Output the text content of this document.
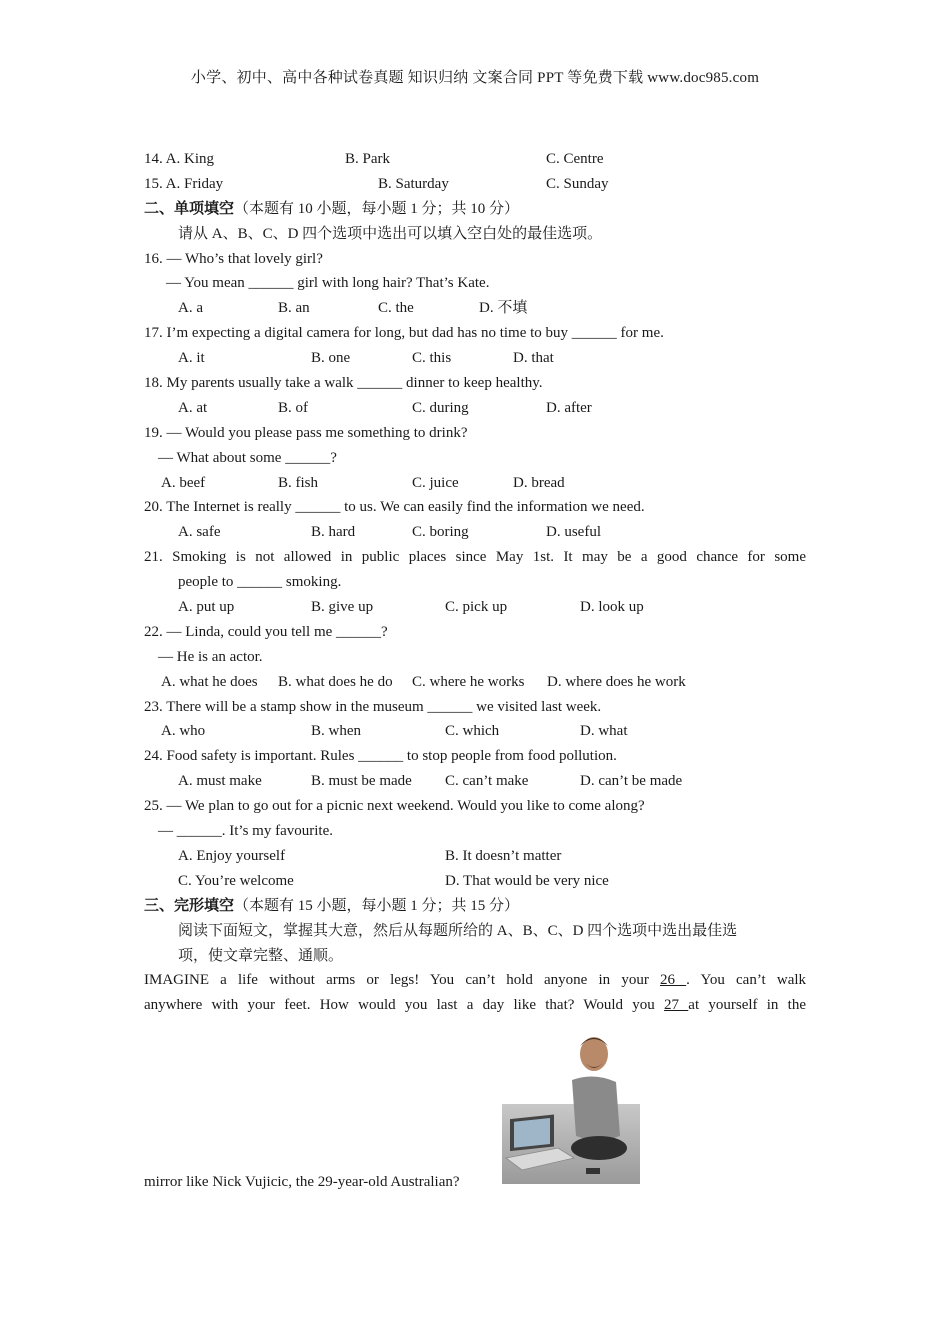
小学、初中、高中各种试卷真题 知识归纳 文案合同 PPT 等免费下载 www.doc985.com
14. A. King	B. Park	C. Centre
15. A. Friday	B. Saturday	C. Sunday
二、单项填空（本题有 10 小题，每小题 1 分；共 10 分）
请从 A、B、C、D 四个选项中选出可以填入空白处的最佳选项。
16. — Who’s that lovely girl?
— You mean ______ girl with long hair? That’s Kate.
A. a	B. an	C. the	D. 不填
17. I’m expecting a digital camera for long, but dad has no time to buy ______ for me.
A. it	B. one	C. this	D. that
18. My parents usually take a walk ______ dinner to keep healthy.
A. at	B. of	C. during	D. after
19. — Would you please pass me something to drink?
— What about some ______?
A. beef	B. fish	C. juice	D. bread
20. The Internet is really ______ to us. We can easily find the information we need.
A. safe	B. hard	C. boring	D. useful
21. Smoking is not allowed in public places since May 1st. It may be a good chance for some
people to ______ smoking.
A. put up	B. give up	C. pick up	D. look up
22. — Linda, could you tell me ______?
— He is an actor.
A. what he does B. what does he do C. where he works D. where does he work
23. There will be a stamp show in the museum ______ we visited last week.
A. who	B. when	C. which	D. what
24. Food safety is important. Rules ______ to stop people from food pollution.
A. must make	B. must be made C. can’t make	D. can’t be made
25. — We plan to go out for a picnic next weekend. Would you like to come along?
— ______. It’s my favourite.
A. Enjoy yourself	B. It doesn’t matter
C. You’re welcome	D. That would be very nice
三、完形填空（本题有 15 小题，每小题 1 分；共 15 分）
阅读下面短文，掌握其大意，然后从每题所给的 A、B、C、D 四个选项中选出最佳选
项，使文章完整、通顺。
IMAGINE a life without arms or legs! You can’t hold anyone in your 26 . You can’t walk
anywhere with your feet. How would you last a day like that? Would you 27 at yourself in the
mirror like Nick Vujicic, the 29-year-old Australian?
